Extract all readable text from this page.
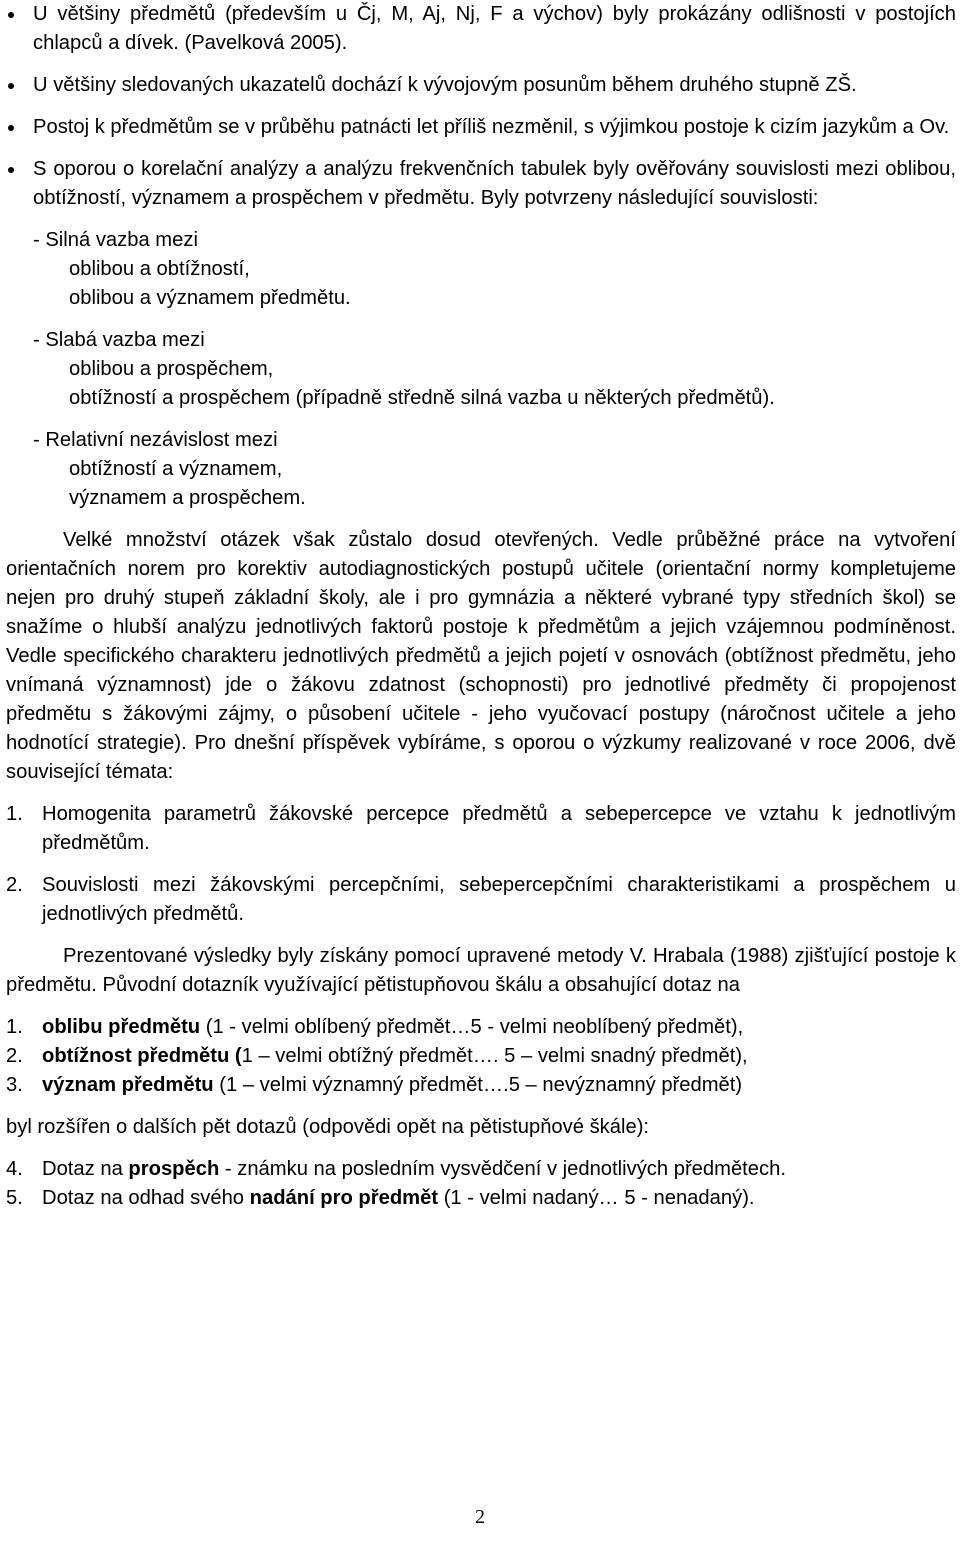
U většiny předmětů (především u Čj, M, Aj, Nj, F a výchov) byly prokázány odlišnosti v postojích chlapců a dívek. (Pavelková 2005).
U většiny sledovaných ukazatelů dochází k vývojovým posunům během druhého stupně ZŠ.
Postoj k předmětům se v průběhu patnácti let příliš nezměnil, s výjimkou postoje k cizím jazykům a Ov.
S oporou o korelační analýzy a analýzu frekvenčních tabulek byly ověřovány souvislosti mezi oblibou, obtížností, významem a prospěchem v předmětu. Byly potvrzeny následující souvislosti:
- Silná vazba mezi
oblibou a obtížností,
oblibou a významem předmětu.
- Slabá vazba mezi
oblibou a prospěchem,
obtížností a prospěchem (případně středně silná vazba u některých předmětů).
- Relativní nezávislost mezi
obtížností a významem,
významem a prospěchem.

Velké množství otázek však zůstalo dosud otevřených. Vedle průběžné práce na vytvoření orientačních norem pro korektiv autodiagnostických postupů učitele (orientační normy kompletujeme nejen pro druhý stupeň základní školy, ale i pro gymnázia a některé vybrané typy středních škol) se snažíme o hlubší analýzu jednotlivých faktorů postoje k předmětům a jejich vzájemnou podmíněnost. Vedle specifického charakteru jednotlivých předmětů a jejich pojetí v osnovách (obtížnost předmětu, jeho vnímaná významnost) jde o žákovu zdatnost (schopnosti) pro jednotlivé předměty či propojenost předmětu s žákovými zájmy, o působení učitele - jeho vyučovací postupy (náročnost učitele a jeho hodnotící strategie). Pro dnešní příspěvek vybíráme, s oporou o výzkumy realizované v roce 2006, dvě související témata:

1. Homogenita parametrů žákovské percepce předmětů a sebepercepce ve vztahu k jednotlivým předmětům.
2. Souvislosti mezi žákovskými percepčními, sebepercepčními charakteristikami a prospěchem u jednotlivých předmětů.

Prezentované výsledky byly získány pomocí upravené metody V. Hrabala (1988) zjišťující postoje k předmětu. Původní dotazník využívající pětistupňovou škálu a obsahující dotaz na

1. oblibu předmětu (1 - velmi oblíbený předmět…5 - velmi neoblíbený předmět),
2. obtížnost předmětu (1 – velmi obtížný předmět…. 5 – velmi snadný předmět),
3. význam předmětu (1 – velmi významný předmět….5 – nevýznamný předmět)

byl rozšířen o dalších pět dotazů (odpovědi opět na pětistupňové škále):

4. Dotaz na prospěch - známku na posledním vysvědčení v jednotlivých předmětech.
5. Dotaz na odhad svého nadání pro předmět (1 - velmi nadaný… 5 - nenadaný).
2
